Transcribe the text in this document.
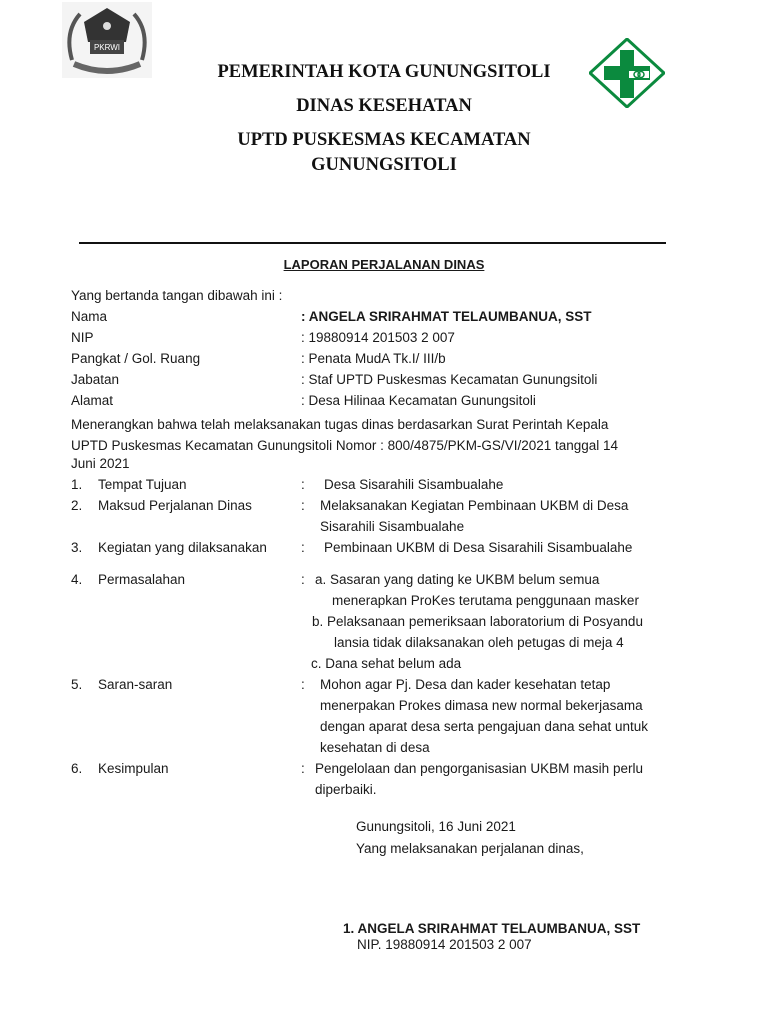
PKRWI
PEMERINTAH KOTA GUNUNGSITOLI
DINAS KESEHATAN
UPTD PUSKESMAS KECAMATAN
GUNUNGSITOLI
LAPORAN PERJALANAN DINAS
Yang bertanda tangan dibawah ini :
Nama	: ANGELA SRIRAHMAT TELAUMBANUA, SST
NIP	: 19880914 201503 2 007
Pangkat / Gol. Ruang	: Penata MudA Tk.I/ III/b
Jabatan	: Staf UPTD Puskesmas Kecamatan Gunungsitoli
Alamat	: Desa Hilinaa Kecamatan Gunungsitoli
Menerangkan bahwa telah melaksanakan tugas dinas berdasarkan Surat Perintah Kepala
UPTD Puskesmas Kecamatan Gunungsitoli Nomor : 800/4875/PKM-GS/VI/2021 tanggal 14
Juni 2021
1. Tempat Tujuan	: Desa Sisarahili Sisambualahe
2. Maksud Perjalanan Dinas	: Melaksanakan Kegiatan Pembinaan UKBM di Desa
Sisarahili Sisambualahe
3. Kegiatan yang dilaksanakan	: Pembinaan UKBM di Desa Sisarahili Sisambualahe
4. Permasalahan	: a. Sasaran yang dating ke UKBM belum semua
menerapkan ProKes terutama penggunaan masker
b. Pelaksanaan pemeriksaan laboratorium di Posyandu
lansia tidak dilaksanakan oleh petugas di meja 4
c. Dana sehat belum ada
5. Saran-saran	: Mohon agar Pj. Desa dan kader kesehatan tetap
menerpakan Prokes dimasa new normal bekerjasama
dengan aparat desa serta pengajuan dana sehat untuk
kesehatan di desa
6. Kesimpulan	: Pengelolaan dan pengorganisasian UKBM masih perlu
diperbaiki.
Gunungsitoli, 16 Juni 2021
Yang melaksanakan perjalanan dinas,
1. ANGELA SRIRAHMAT TELAUMBANUA, SST
NIP. 19880914 201503 2 007
